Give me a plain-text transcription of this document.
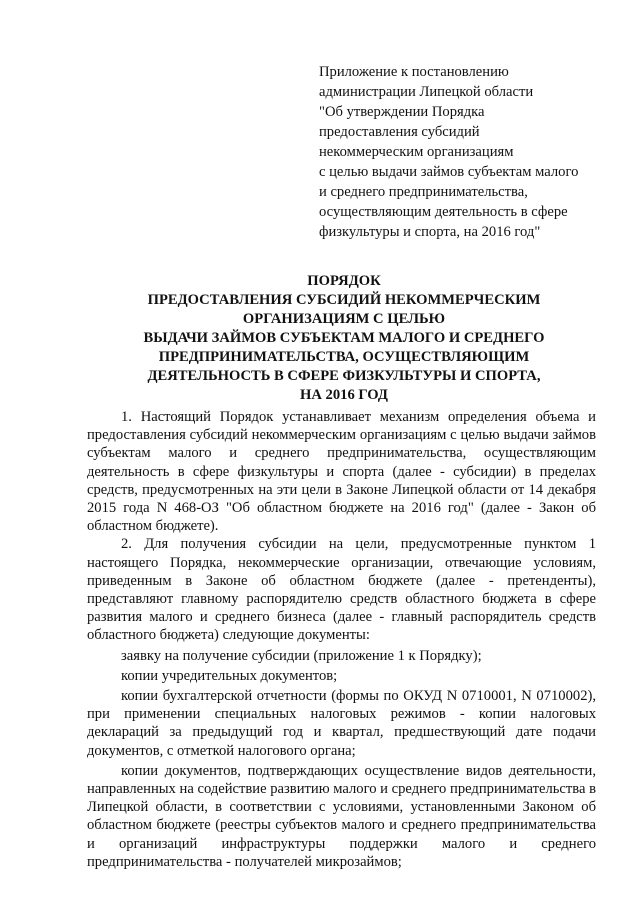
Приложение к постановлению
администрации Липецкой области
"Об утверждении Порядка
предоставления субсидий
некоммерческим организациям
с целью выдачи займов субъектам малого
и среднего предпринимательства,
осуществляющим деятельность в сфере
физкультуры и спорта, на 2016 год"
ПОРЯДОК
ПРЕДОСТАВЛЕНИЯ СУБСИДИЙ НЕКОММЕРЧЕСКИМ
ОРГАНИЗАЦИЯМ С ЦЕЛЬЮ
ВЫДАЧИ ЗАЙМОВ СУБЪЕКТАМ МАЛОГО И СРЕДНЕГО
ПРЕДПРИНИМАТЕЛЬСТВА, ОСУЩЕСТВЛЯЮЩИМ
ДЕЯТЕЛЬНОСТЬ В СФЕРЕ ФИЗКУЛЬТУРЫ И СПОРТА,
НА 2016 ГОД

1. Настоящий Порядок устанавливает механизм определения объема и предоставления субсидий некоммерческим организациям с целью выдачи займов субъектам малого и среднего предпринимательства, осуществляющим деятельность в сфере физкультуры и спорта (далее - субсидии) в пределах средств, предусмотренных на эти цели в Законе Липецкой области от 14 декабря 2015 года N 468-ОЗ "Об областном бюджете на 2016 год" (далее - Закон об областном бюджете).

2. Для получения субсидии на цели, предусмотренные пунктом 1 настоящего Порядка, некоммерческие организации, отвечающие условиям, приведенным в Законе об областном бюджете (далее - претенденты), представляют главному распорядителю средств областного бюджета в сфере развития малого и среднего бизнеса (далее - главный распорядитель средств областного бюджета) следующие документы:

заявку на получение субсидии (приложение 1 к Порядку);

копии учредительных документов;

копии бухгалтерской отчетности (формы по ОКУД N 0710001, N 0710002), при применении специальных налоговых режимов - копии налоговых деклараций за предыдущий год и квартал, предшествующий дате подачи документов, с отметкой налогового органа;

копии документов, подтверждающих осуществление видов деятельности, направленных на содействие развитию малого и среднего предпринимательства в Липецкой области, в соответствии с условиями, установленными Законом об областном бюджете (реестры субъектов малого и среднего предпринимательства и организаций инфраструктуры поддержки малого и среднего предпринимательства - получателей микрозаймов;
